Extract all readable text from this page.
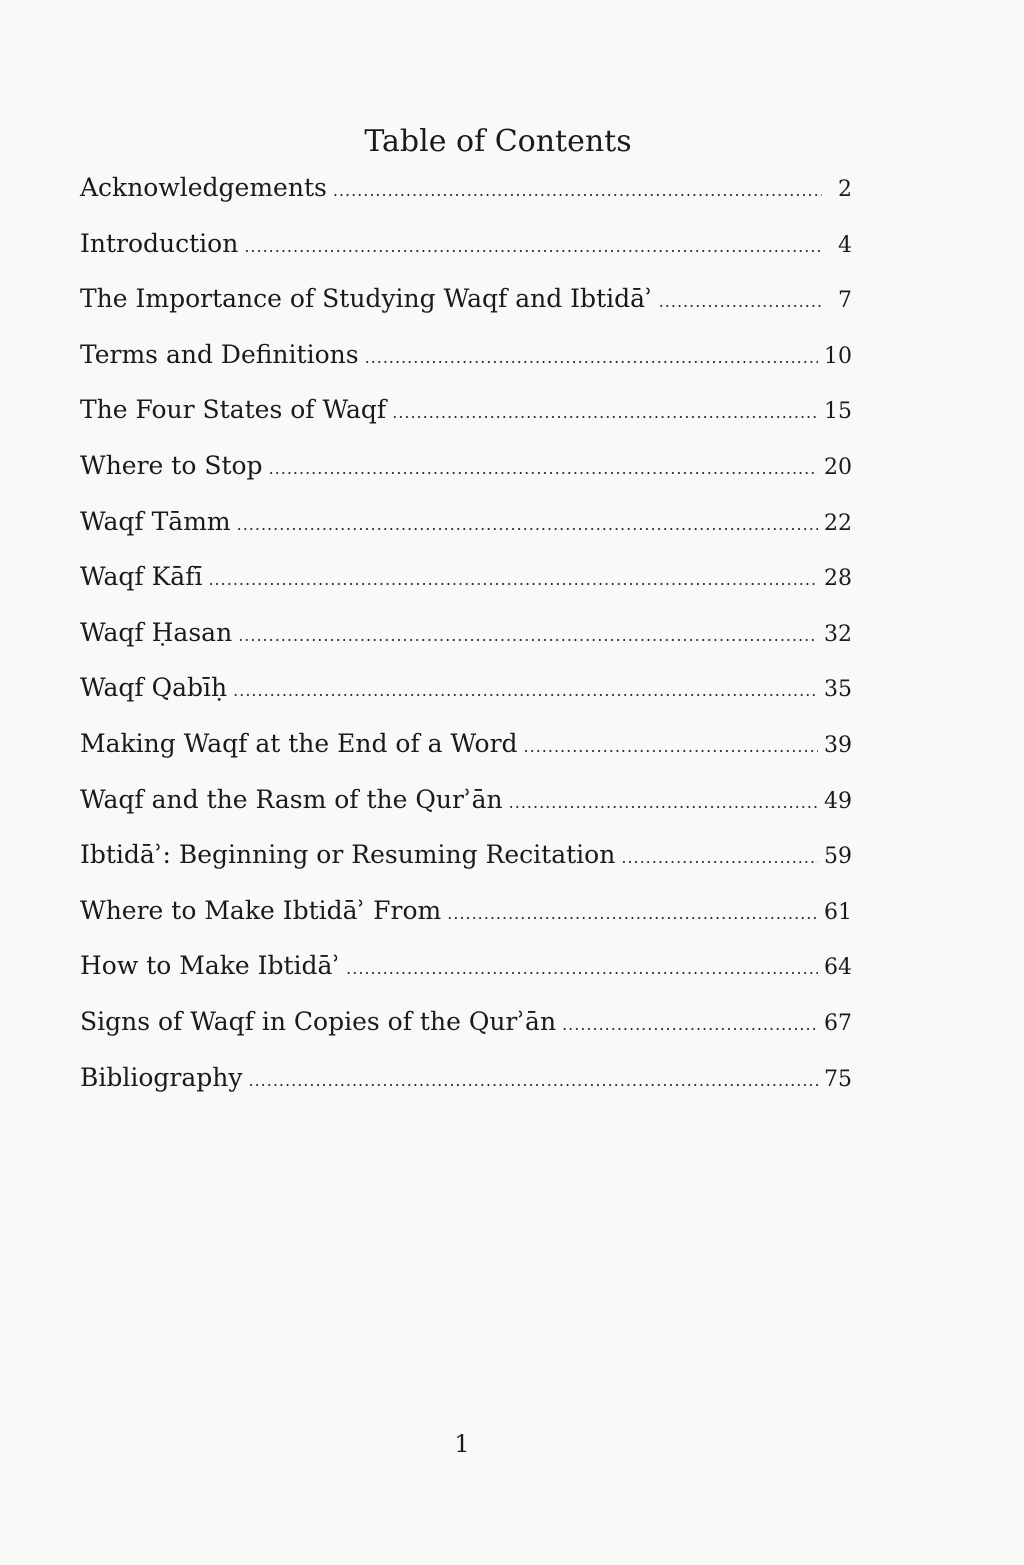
Table of Contents
Acknowledgements .....	2
Introduction .....	4
The Importance of Studying Waqf and Ibtidāʾ .....	7
Terms and Definitions .....	10
The Four States of Waqf .....	15
Where to Stop .....	20
Waqf Tāmm .....	22
Waqf Kāfī .....	28
Waqf Ḥasan .....	32
Waqf Qabīḥ .....	35
Making Waqf at the End of a Word .....	39
Waqf and the Rasm of the Qurʾān .....	49
Ibtidāʾ: Beginning or Resuming Recitation .....	59
Where to Make Ibtidāʾ From .....	61
How to Make Ibtidāʾ .....	64
Signs of Waqf in Copies of the Qurʾān .....	67
Bibliography .....	75
1
